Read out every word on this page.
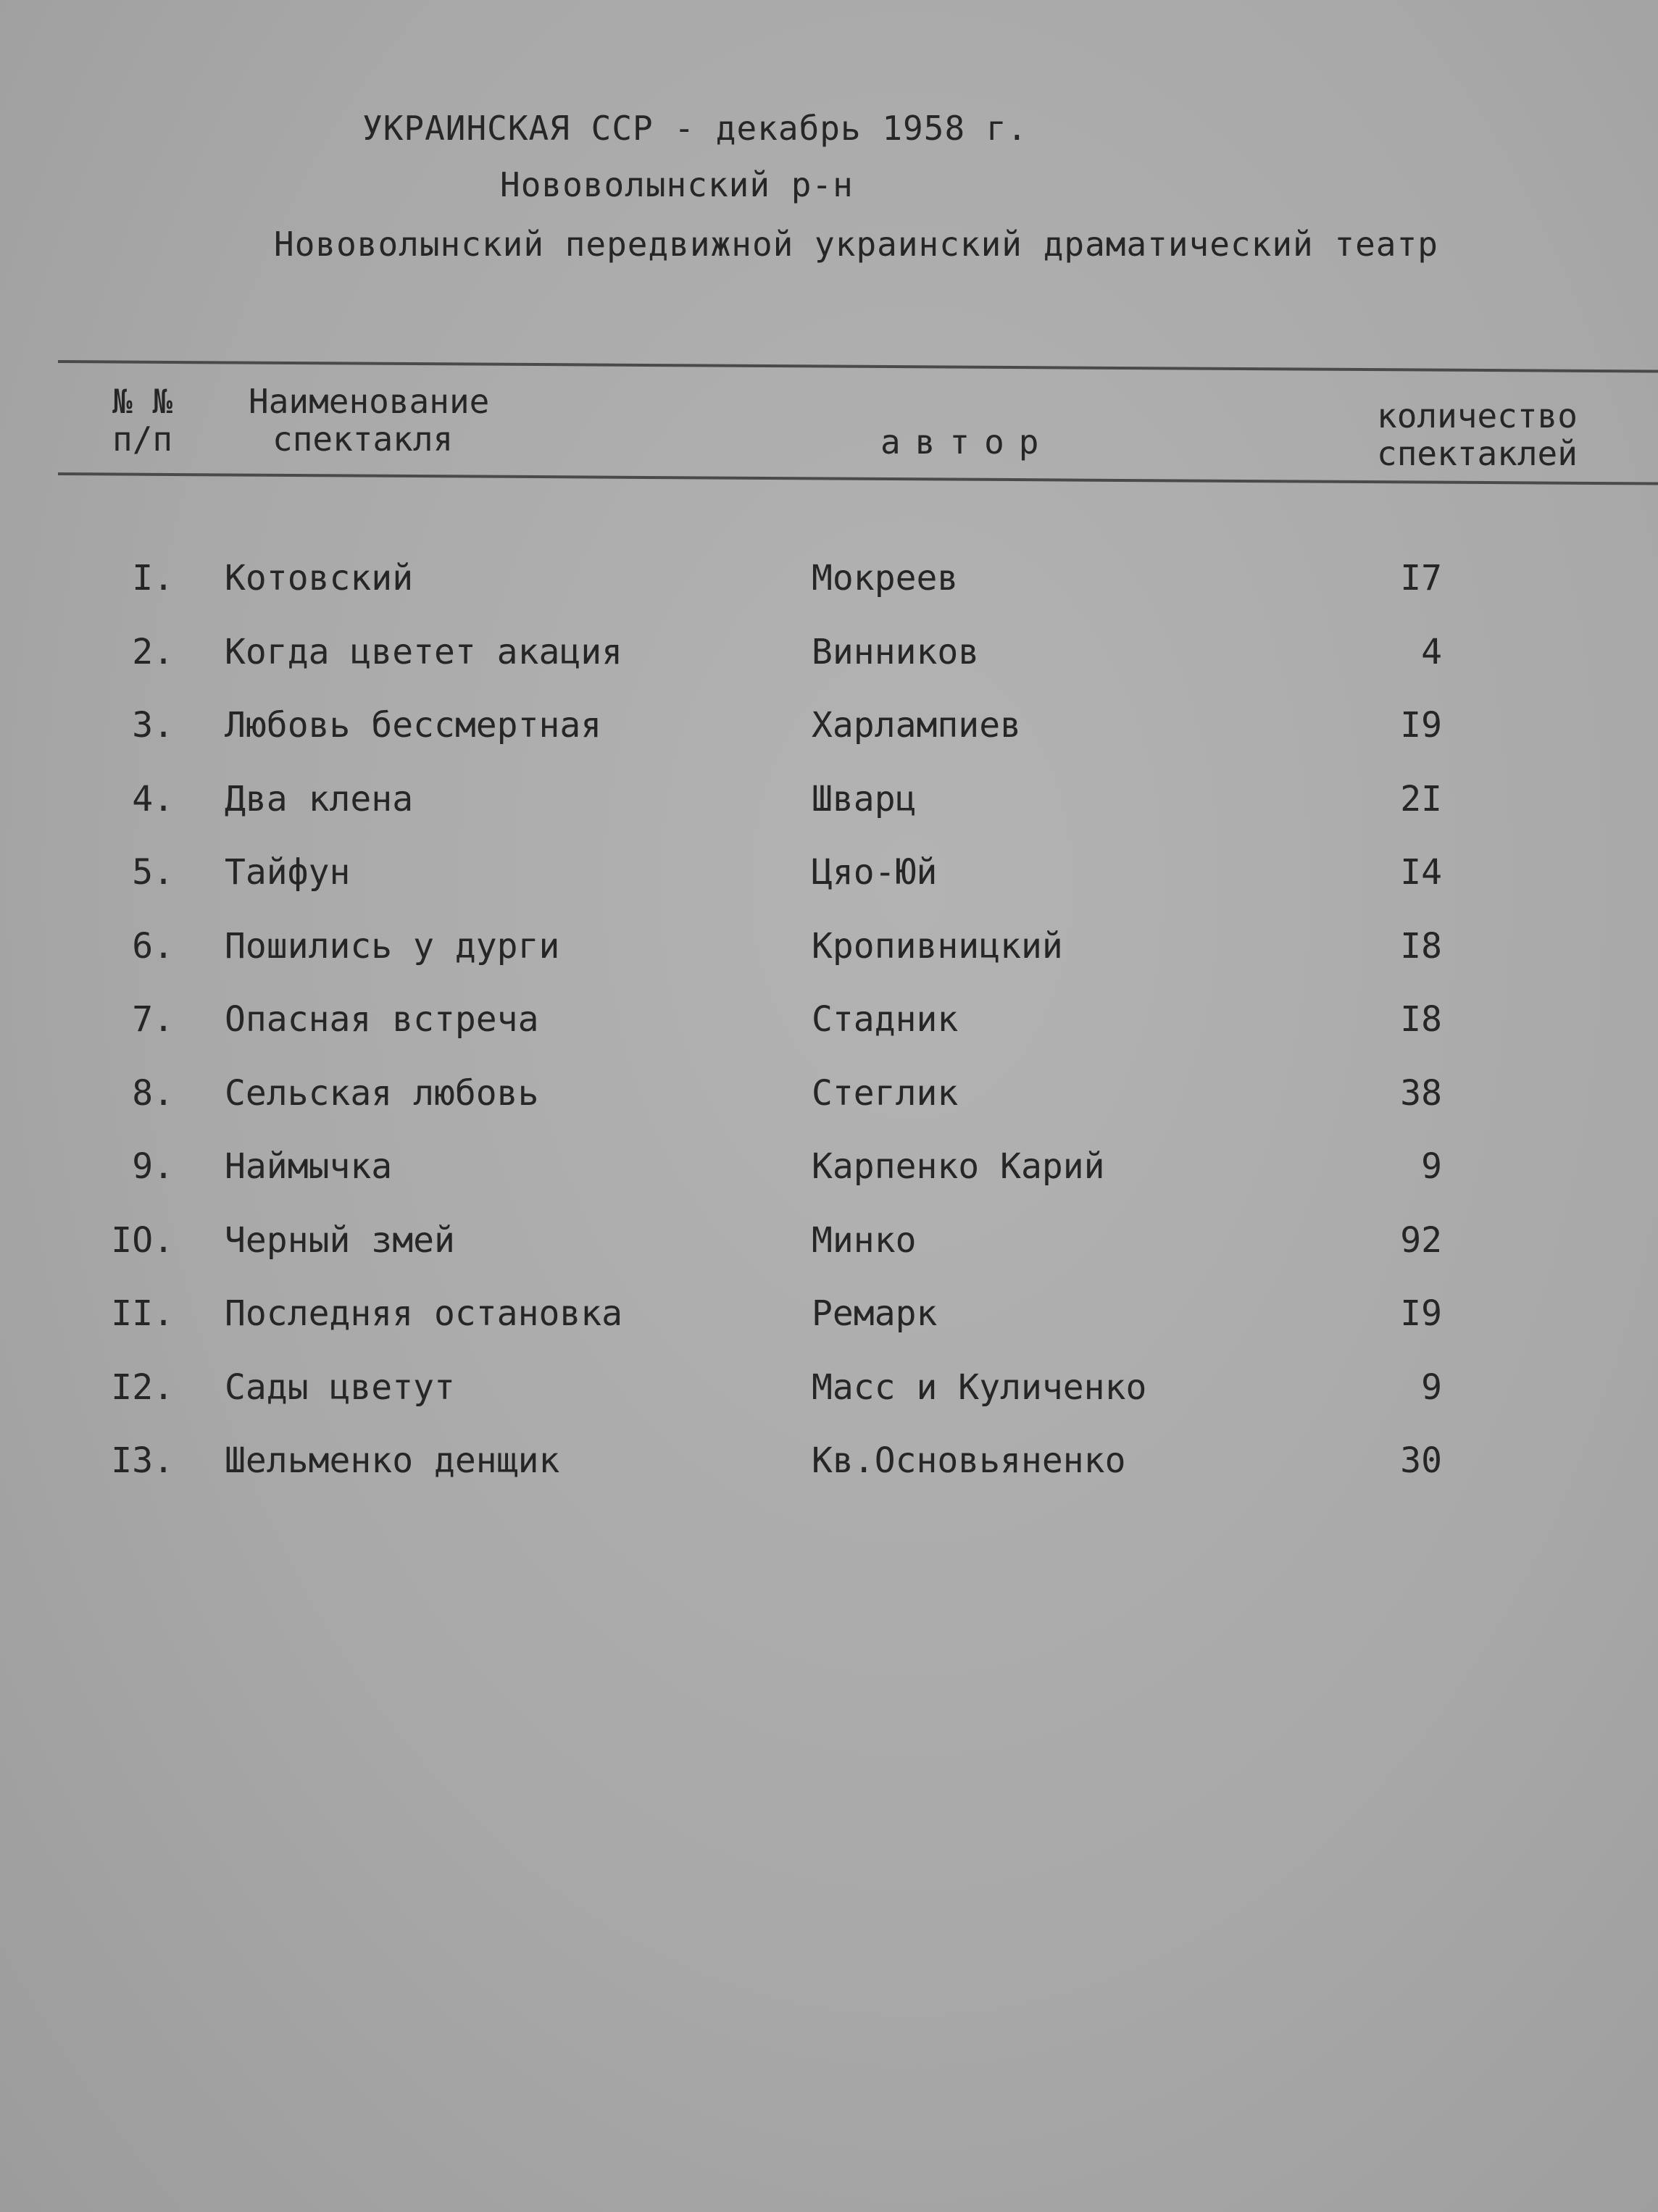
УКРАИНСКАЯ ССР - декабрь 1958 г.
Нововолынский р-н
Нововолынский передвижной украинский драматический театр
№ №
п/п
Наименование
спектакля	автор
количество
спектаклей
I. Котовский	Мокреев	I7
2. Когда цветет акация	Винников	4
3. Любовь бессмертная	Харлампиев	I9
4. Два клена	Шварц	2I
5. Тайфун	Цяо-Юй	I4
6. Пошились у дурги	Кропивницкий	I8
7. Опасная встреча	Стадник	I8
8. Сельская любовь	Стеглик	38
9. Наймычка	Карпенко Карий	9
IO. Черный змей	Минко	92
II. Последняя остановка	Ремарк	I9
I2. Сады цветут	Масс и Куличенко	9
I3. Шельменко денщик	Кв.Основьяненко	30
